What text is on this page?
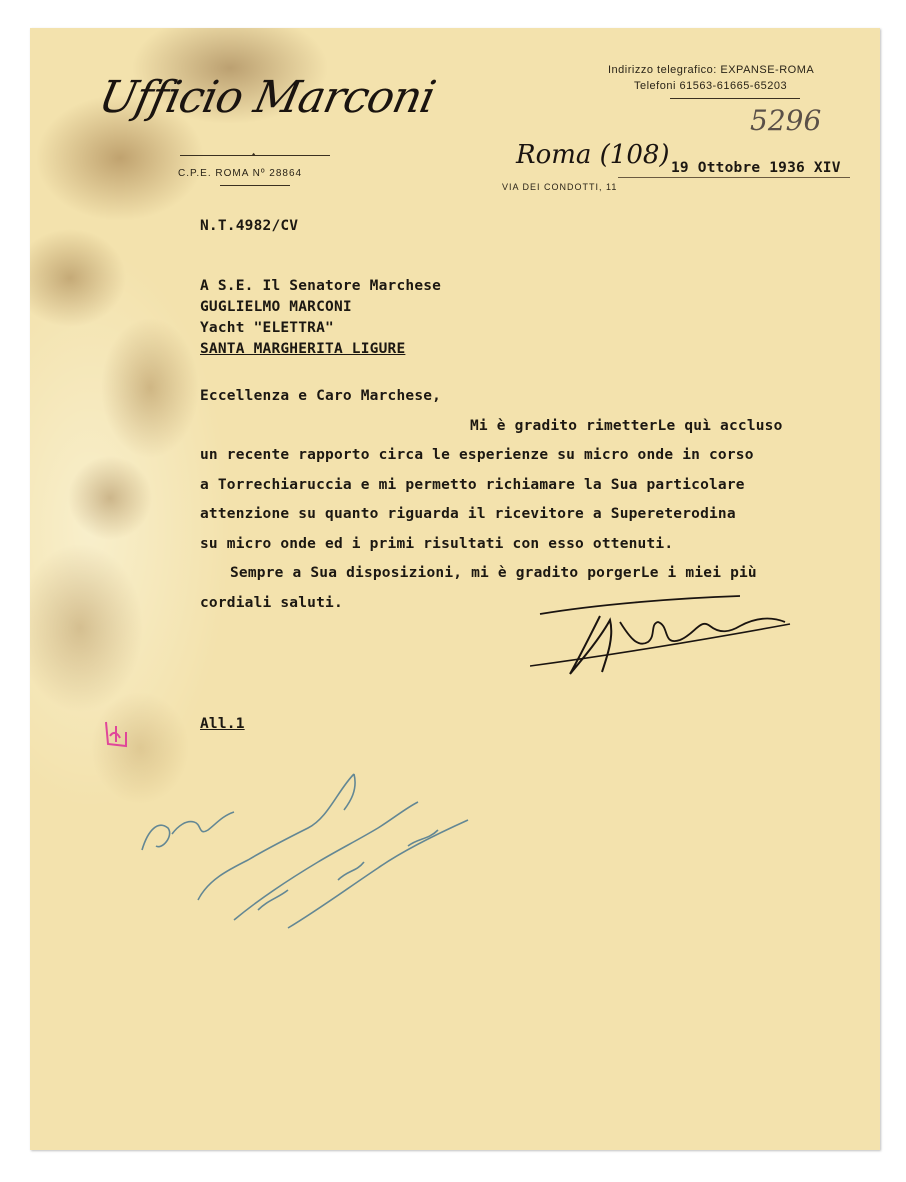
Ufficio Marconi
⬩
C.P.E. ROMA Nº 28864
Indirizzo telegrafico: EXPANSE-ROMA
Telefoni 61563-61665-65203
5296
Roma (108) 19 Ottobre 1936 XIV
VIA DEI CONDOTTI, 11
N.T.4982/CV
A S.E. Il Senatore Marchese
GUGLIELMO MARCONI
Yacht "ELETTRA"
SANTA MARGHERITA LIGURE
Eccellenza e Caro Marchese,
Mi è gradito rimetterLe quì accluso
un recente rapporto circa le esperienze su micro onde in corso
a Torrechiaruccia e mi permetto richiamare la Sua particolare
attenzione su quanto riguarda il ricevitore a Supereterodina
su micro onde ed i primi risultati con esso ottenuti.
Sempre a Sua disposizioni, mi è gradito porgerLe i miei più
cordiali saluti.
All.1
